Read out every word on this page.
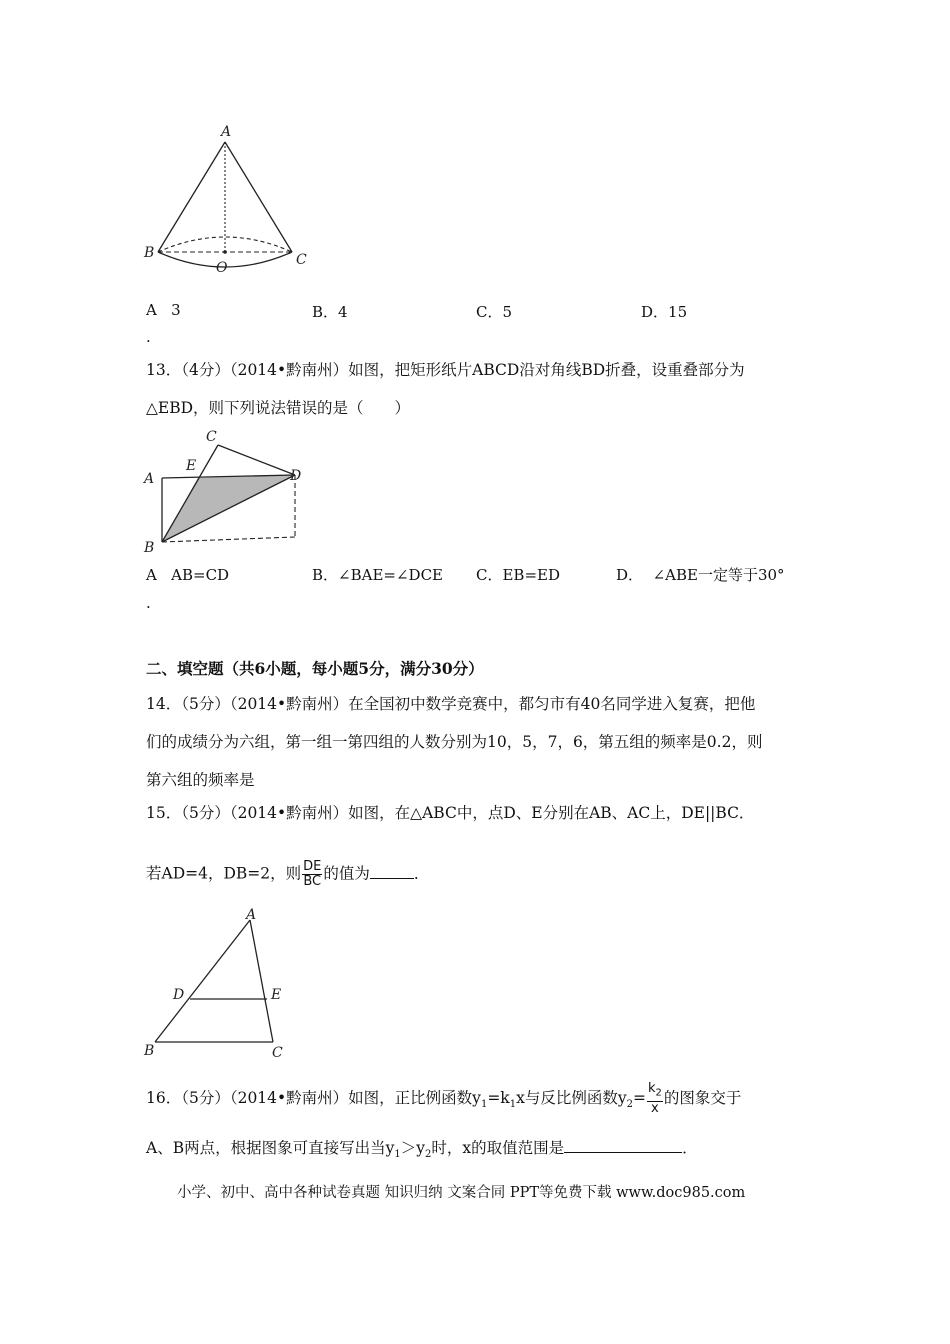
A
B
O	C
A 3	B．4	C．5	D．15
.
13．（4分）（2014•黔南州）如图，把矩形纸片ABCD沿对角线BD折叠，设重叠部分为
△EBD，则下列说法错误的是（　　）
C
E
A	D
B
A AB=CD	B．∠BAE=∠DCE C．EB=ED	D． ∠ABE一定等于30°
.
二、填空题（共6小题，每小题5分，满分30分）
14．（5分）（2014•黔南州）在全国初中数学竞赛中，都匀市有40名同学进入复赛，把他
们的成绩分为六组，第一组一第四组的人数分别为10，5，7，6，第五组的频率是0.2，则
第六组的频率是
15．（5分）（2014•黔南州）如图，在△ABC中，点D、E分别在AB、AC上，DE||BC．
若AD=4，DB=2，则 $\frac{DE}{BC}$ 的值为	．
A
D	E
B	C
16．（5分）（2014•黔南州）如图，正比例函数$y_1=k_1x$与反比例函数$y_2= \frac{k_2}{x}$ 的图象交于
A、B两点，根据图象可直接写出当$y_1>y_2$时，x的取值范围是	．
小学、初中、高中各种试卷真题 知识归纳 文案合同 PPT等免费下载 www.doc985.com
